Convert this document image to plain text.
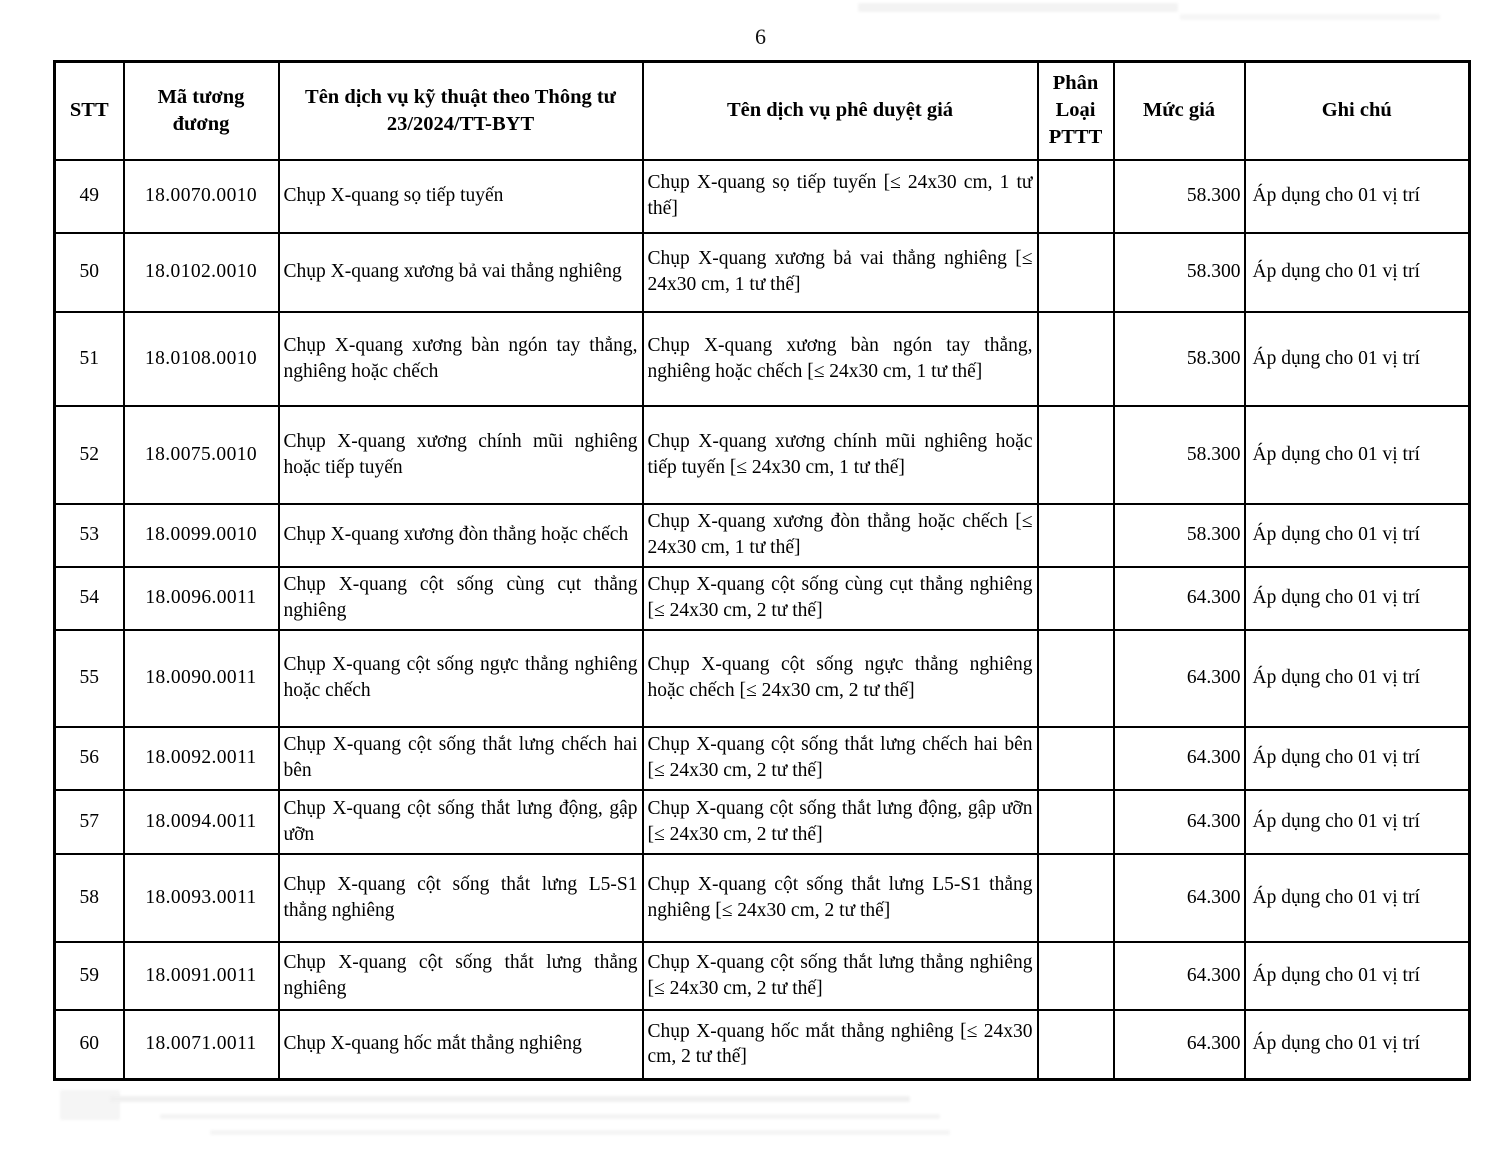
6
STT	Mã tương đương	Tên dịch vụ kỹ thuật theo Thông tư 23/2024/TT-BYT	Tên dịch vụ phê duyệt giá	Phân Loại PTTT	Mức giá	Ghi chú
49	18.0070.0010	Chụp X-quang sọ tiếp tuyến	Chụp X-quang sọ tiếp tuyến [≤ 24x30 cm, 1 tư thế]		58.300	Áp dụng cho 01 vị trí
50	18.0102.0010	Chụp X-quang xương bả vai thẳng nghiêng	Chụp X-quang xương bả vai thẳng nghiêng [≤ 24x30 cm, 1 tư thế]		58.300	Áp dụng cho 01 vị trí
51	18.0108.0010	Chụp X-quang xương bàn ngón tay thẳng, nghiêng hoặc chếch	Chụp X-quang xương bàn ngón tay thẳng, nghiêng hoặc chếch [≤ 24x30 cm, 1 tư thế]		58.300	Áp dụng cho 01 vị trí
52	18.0075.0010	Chụp X-quang xương chính mũi nghiêng hoặc tiếp tuyến	Chụp X-quang xương chính mũi nghiêng hoặc tiếp tuyến [≤ 24x30 cm, 1 tư thế]		58.300	Áp dụng cho 01 vị trí
53	18.0099.0010	Chụp X-quang xương đòn thẳng hoặc chếch	Chụp X-quang xương đòn thẳng hoặc chếch [≤ 24x30 cm, 1 tư thế]		58.300	Áp dụng cho 01 vị trí
54	18.0096.0011	Chụp X-quang cột sống cùng cụt thẳng nghiêng	Chụp X-quang cột sống cùng cụt thẳng nghiêng [≤ 24x30 cm, 2 tư thế]		64.300	Áp dụng cho 01 vị trí
55	18.0090.0011	Chụp X-quang cột sống ngực thẳng nghiêng hoặc chếch	Chụp X-quang cột sống ngực thẳng nghiêng hoặc chếch [≤ 24x30 cm, 2 tư thế]		64.300	Áp dụng cho 01 vị trí
56	18.0092.0011	Chụp X-quang cột sống thắt lưng chếch hai bên	Chụp X-quang cột sống thắt lưng chếch hai bên [≤ 24x30 cm, 2 tư thế]		64.300	Áp dụng cho 01 vị trí
57	18.0094.0011	Chụp X-quang cột sống thắt lưng động, gập ưỡn	Chụp X-quang cột sống thắt lưng động, gập ưỡn [≤ 24x30 cm, 2 tư thế]		64.300	Áp dụng cho 01 vị trí
58	18.0093.0011	Chụp X-quang cột sống thắt lưng L5-S1 thẳng nghiêng	Chụp X-quang cột sống thắt lưng L5-S1 thẳng nghiêng [≤ 24x30 cm, 2 tư thế]		64.300	Áp dụng cho 01 vị trí
59	18.0091.0011	Chụp X-quang cột sống thắt lưng thẳng nghiêng	Chụp X-quang cột sống thắt lưng thẳng nghiêng [≤ 24x30 cm, 2 tư thế]		64.300	Áp dụng cho 01 vị trí
60	18.0071.0011	Chụp X-quang hốc mắt thẳng nghiêng	Chụp X-quang hốc mắt thẳng nghiêng [≤ 24x30 cm, 2 tư thế]		64.300	Áp dụng cho 01 vị trí
